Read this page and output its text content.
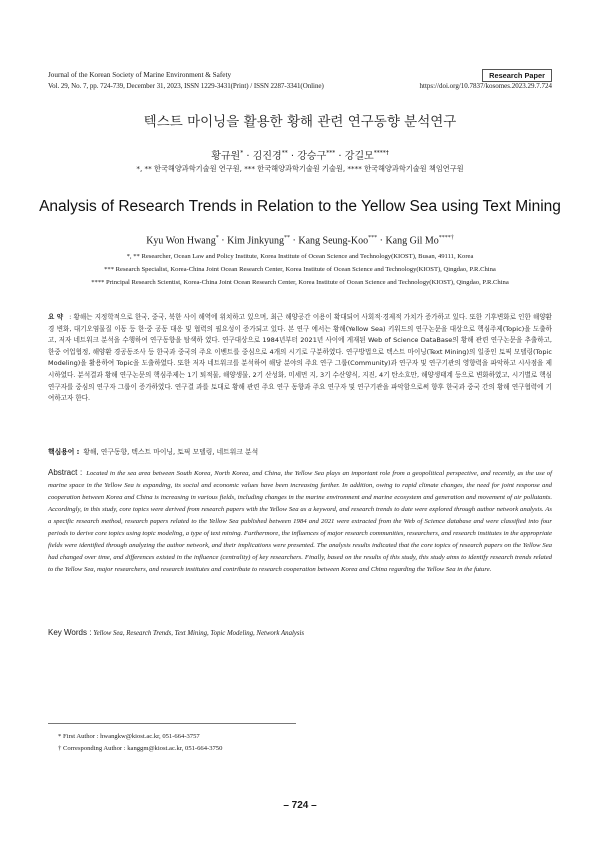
Journal of the Korean Society of Marine Environment & Safety	Research Paper
Vol. 29, No. 7, pp. 724-739, December 31, 2023, ISSN 1229-3431(Print) / ISSN 2287-3341(Online)	https://doi.org/10.7837/kosomes.2023.29.7.724
텍스트 마이닝을 활용한 황해 관련 연구동향 분석연구
황규원* · 김진경** · 강승구*** · 강길모****†
*, ** 한국해양과학기술원 연구원, *** 한국해양과학기술원 기술원, **** 한국해양과학기술원 책임연구원
Analysis of Research Trends in Relation to the Yellow Sea using Text Mining
Kyu Won Hwang* · Kim Jinkyung** · Kang Seung-Koo*** · Kang Gil Mo****†
*, ** Researcher, Ocean Law and Policy Institute, Korea Institute of Ocean Science and Technology(KIOST), Busan, 49111, Korea
*** Research Specialist, Korea-China Joint Ocean Research Center, Korea Institute of Ocean Science and Technology(KIOST), Qingdao, P.R.China
**** Principal Research Scientist, Korea-China Joint Ocean Research Center, Korea Institute of Ocean Science and Technology(KIOST), Qingdao, P.R.China
요 약 : 황해는 지정학적으로 한국, 중국, 북한 사이 해역에 위치하고 있으며, 최근 해양공간 이용이 확대되어 사회적·경제적 가치가 증가하고 있다. 또한 기후변화로 인한 해양환경 변화, 대기오염물질 이동 등 한·중 공동 대응 및 협력의 필요성이 증가되고 있다. 본 연구 에서는 황해(Yellow Sea) 키워드의 연구논문을 대상으로 핵심주제(Topic)을 도출하고, 저자 네트워크 분석을 수행하여 연구동향을 탐색하 였다. 연구대상으로 1984년부터 2021년 사이에 게재된 Web of Science DataBase의 황해 관련 연구논문을 추출하고, 한중 어업협정, 해양환 경공동조사 등 한국과 중국의 주요 이벤트를 중심으로 4개의 시기로 구분하였다. 연구방법으로 텍스트 마이닝(Text Mining)의 일종인 토픽 모델링(Topic Modeling)을 활용하여 Topic을 도출하였다. 또한 저자 네트워크를 분석하여 해당 분야의 주요 연구 그룹(Community)과 연구자 및 연구기관의 영향력을 파악하고 시사점을 제시하였다. 분석결과 황해 연구논문의 핵심주제는 1기 퇴적물, 해양생물, 2기 산성화, 미세먼 지, 3기 수산양식, 지진, 4기 탄소흐만, 해양생태계 등으로 변화하였고, 시기별로 핵심 연구자를 중심의 연구자 그룹이 증가하였다. 연구결 과를 토대로 황해 관련 주요 연구 동향과 주요 연구자 및 연구기관을 파악함으로써 향후 한국과 중국 간의 황해 연구협력에 기여하고자 한다.
핵심용어 : 황해, 연구동향, 텍스트 마이닝, 토픽 모델링, 네트워크 분석
Abstract : Located in the sea area between South Korea, North Korea, and China, the Yellow Sea plays an important role from a geopolitical perspective, and recently, as the use of marine space in the Yellow Sea is expanding, its social and economic values have been increasing further. In addition, owing to rapid climate changes, the need for joint response and cooperation between Korea and China is increasing in various fields, including changes in the marine environment and marine ecosystem and generation and movement of air pollutants. Accordingly, in this study, core topics were derived from research papers with the Yellow Sea as a keyword, and research trends to date were explored through author network analysis. As a specific research method, research papers related to the Yellow Sea published between 1984 and 2021 were extracted from the Web of Science database and were classified into four periods to derive core topics using topic modeling, a type of text mining. Furthermore, the influences of major research communities, researchers, and research institutes in the appropriate fields were identified through analyzing the author network, and their implications were presented. The analysis results indicated that the core topics of research papers on the Yellow Sea had changed over time, and differences existed in the influence (centrality) of key researchers. Finally, based on the results of this study, this study aims to identify research trends related to the Yellow Sea, major researchers, and research institutes and contribute to research cooperation between Korea and China regarding the Yellow Sea in the future.
Key Words : Yellow Sea, Research Trends, Text Mining, Topic Modeling, Network Analysis
* First Author : hwangkw@kiost.ac.kr, 051-664-3757
† Corresponding Author : kanggm@kiost.ac.kr, 051-664-3750
– 724 –
